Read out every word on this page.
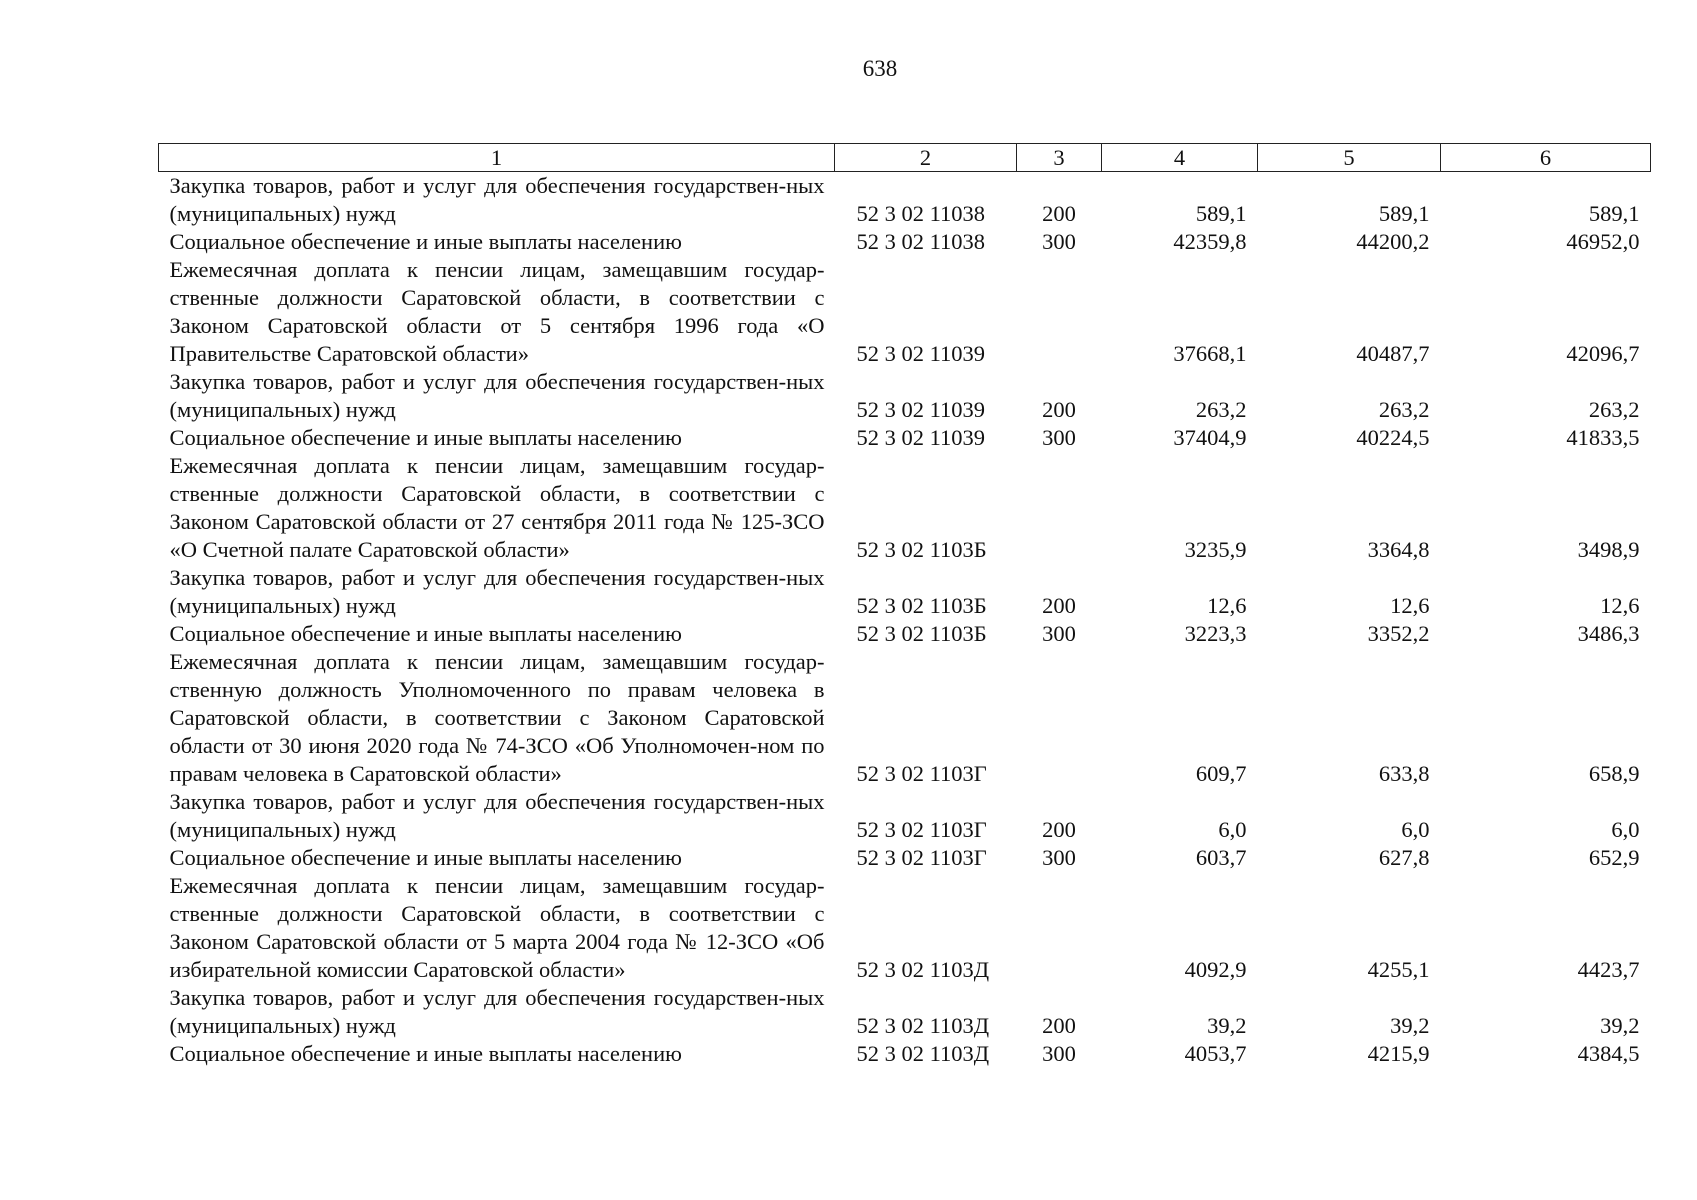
638
1	2	3	4	5	6
Закупка товаров, работ и услуг для обеспечения государствен-ных (муниципальных) нужд	52 3 02 11038	200	589,1	589,1	589,1
Социальное обеспечение и иные выплаты населению	52 3 02 11038	300	42359,8	44200,2	46952,0
Ежемесячная доплата к пенсии лицам, замещавшим государ-ственные должности Саратовской области, в соответствии с Законом Саратовской области от 5 сентября 1996 года «О Правительстве Саратовской области»	52 3 02 11039		37668,1	40487,7	42096,7
Закупка товаров, работ и услуг для обеспечения государствен-ных (муниципальных) нужд	52 3 02 11039	200	263,2	263,2	263,2
Социальное обеспечение и иные выплаты населению	52 3 02 11039	300	37404,9	40224,5	41833,5
Ежемесячная доплата к пенсии лицам, замещавшим государ-ственные должности Саратовской области, в соответствии с Законом Саратовской области от 27 сентября 2011 года № 125-ЗСО «О Счетной палате Саратовской области»	52 3 02 1103Б		3235,9	3364,8	3498,9
Закупка товаров, работ и услуг для обеспечения государствен-ных (муниципальных) нужд	52 3 02 1103Б	200	12,6	12,6	12,6
Социальное обеспечение и иные выплаты населению	52 3 02 1103Б	300	3223,3	3352,2	3486,3
Ежемесячная доплата к пенсии лицам, замещавшим государ-ственную должность Уполномоченного по правам человека в Саратовской области, в соответствии с Законом Саратовской области от 30 июня 2020 года № 74-ЗСО «Об Уполномочен-ном по правам человека в Саратовской области»	52 3 02 1103Г		609,7	633,8	658,9
Закупка товаров, работ и услуг для обеспечения государствен-ных (муниципальных) нужд	52 3 02 1103Г	200	6,0	6,0	6,0
Социальное обеспечение и иные выплаты населению	52 3 02 1103Г	300	603,7	627,8	652,9
Ежемесячная доплата к пенсии лицам, замещавшим государ-ственные должности Саратовской области, в соответствии с Законом Саратовской области от 5 марта 2004 года № 12-ЗСО «Об избирательной комиссии Саратовской области»	52 3 02 1103Д		4092,9	4255,1	4423,7
Закупка товаров, работ и услуг для обеспечения государствен-ных (муниципальных) нужд	52 3 02 1103Д	200	39,2	39,2	39,2
Социальное обеспечение и иные выплаты населению	52 3 02 1103Д	300	4053,7	4215,9	4384,5
